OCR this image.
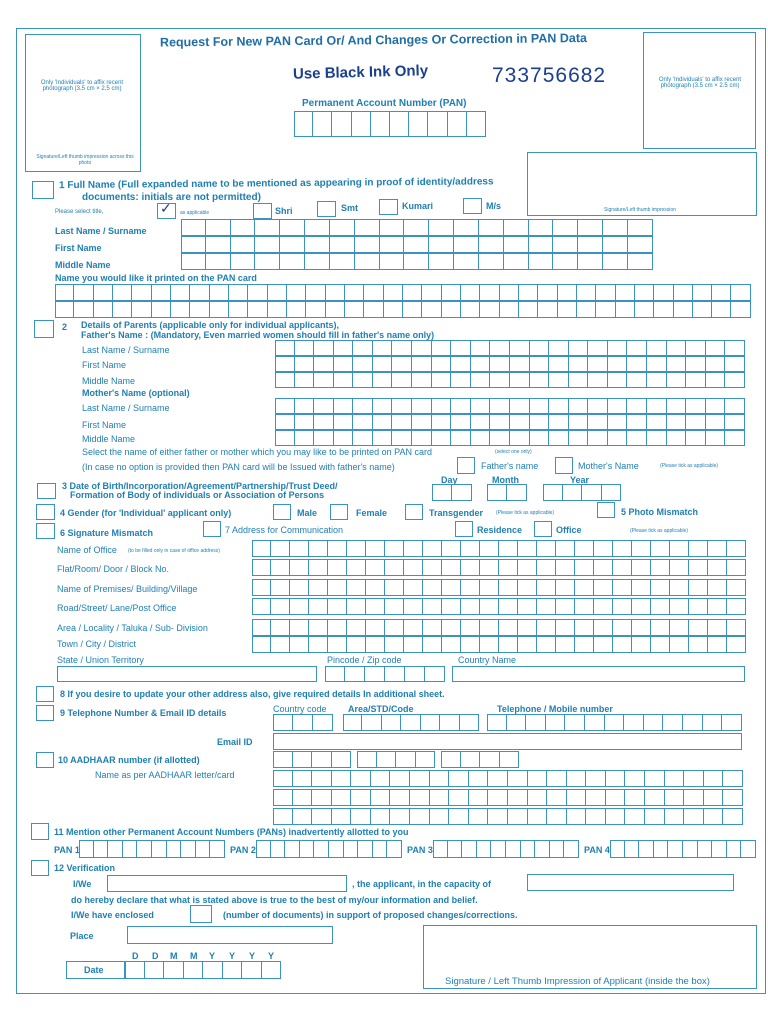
Only 'Individuals' to affix recent photograph (3.5 cm × 2.5 cm)
Signature/Left thumb impression across this photo
Only 'Individuals' to affix recent photograph (3.5 cm × 2.5 cm)
Request For New PAN Card Or/ And Changes Or Correction in PAN Data
Use Black Ink Only	733756682
Permanent Account Number (PAN)
Signature/Left thumb impression
1 Full Name (Full expanded name to be mentioned as appearing in proof of identity/address
documents: initials are not permitted)
Please select title,	✓ as applicable	Shri	Smt	Kumari	M/s
Last Name / Surname
First Name
Middle Name
Name you would like it printed on the PAN card
2 Details of Parents (applicable only for individual applicants),
Father's Name : (Mandatory, Even married women should fill in father's name only)
Last Name / Surname
First Name
Middle Name
Mother's Name (optional)
Last Name / Surname
First Name
Middle Name
Select the name of either father or mother which you may like to be printed on PAN card	(select one only)
(In case no option is provided then PAN card will be Issued with father's name)	Father's name	Mother's Name	(Please tick as applicable)
3 Date of Birth/Incorporation/Agreement/Partnership/Trust Deed/
Formation of Body of individuals or Association of Persons
Day	Month	Year
4 Gender (for 'Individual' applicant only)	Male	Female	Transgender	(Please tick as applicable)	5 Photo Mismatch
6 Signature Mismatch	7 Address for Communication	Residence	Office	(Please tick as applicable)
Name of Office (to be filled only in case of office address)
Flat/Room/ Door / Block No.
Name of Premises/ Building/Village
Road/Street/ Lane/Post Office
Area / Locality / Taluka / Sub- Division
Town / City / District
State / Union Territory	Pincode / Zip code	Country Name
8 If you desire to update your other address also, give required details In additional sheet.
9 Telephone Number & Email ID details	Country code Area/STD/Code	Telephone / Mobile number
Email ID
10 AADHAAR number (if allotted)
Name as per AADHAAR letter/card
11 Mention other Permanent Account Numbers (PANs) inadvertently allotted to you
PAN 1	PAN 2	PAN 3	PAN 4
12 Verification
I/We	, the applicant, in the capacity of
do hereby declare that what is stated above is true to the best of my/our information and belief.
I/We have enclosed	(number of documents) in support of proposed changes/corrections.
Place
D D M M Y Y Y Y
Date
Signature / Left Thumb Impression of Applicant (inside the box)
